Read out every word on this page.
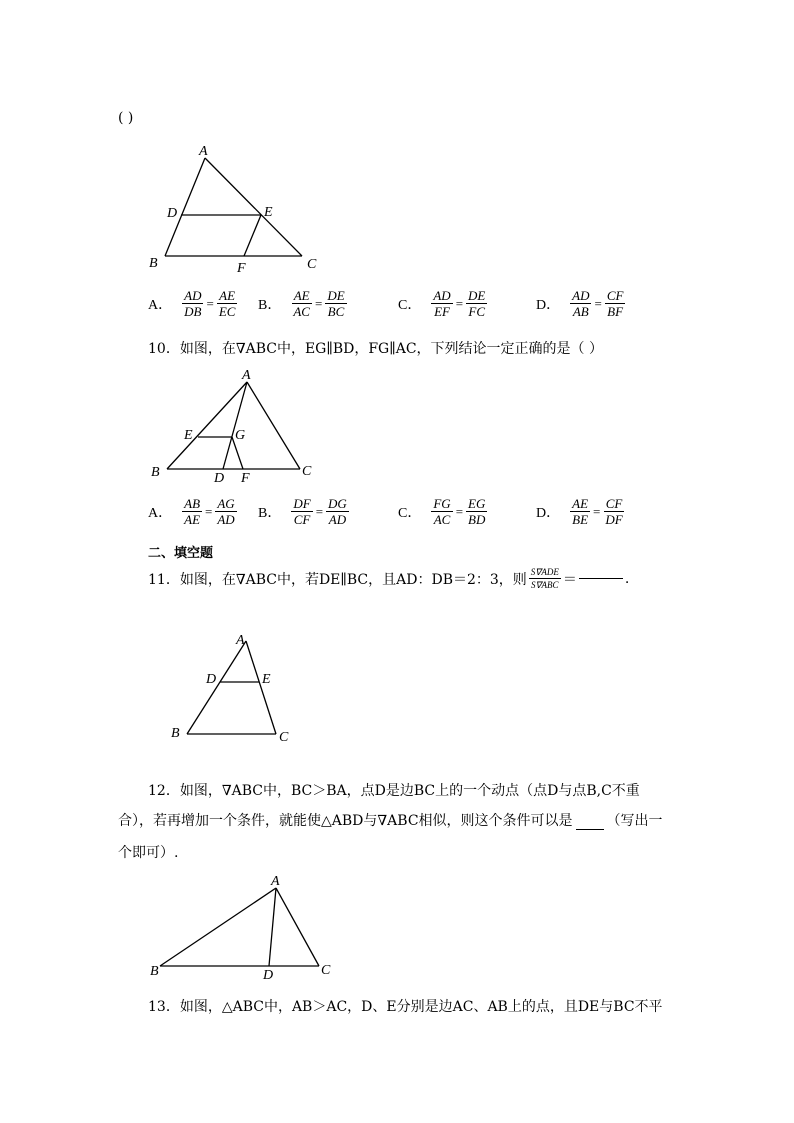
( )
A
D	E
B	F	C
A． $\frac{AD}{DB} = \frac{AE}{EC}$ B． $\frac{AE}{AC} = \frac{DE}{BC}$	C． $\frac{AD}{EF} = \frac{DE}{FC}$	D． $\frac{AD}{AB} = \frac{CF}{BF}$
10．如图，在∇ABC中，EG∥BD，FG∥AC，下列结论一定正确的是（ ）
A
E	G
B	D F	C
A． $\frac{AB}{AE} = \frac{AG}{AD}$ B． $\frac{DF}{CF} = \frac{DG}{AD}$	C． $\frac{FG}{AC} = \frac{EG}{BD}$	D． $\frac{AE}{BE} = \frac{CF}{DF}$
二、填空题
11．如图，在∇ABC中，若DE∥BC，且AD：DB＝2：3，则 $\frac{\text{S∇ADE}}{\text{S∇ABC}}$ ＝	.
A
D	E
B	C
12．如图，∇ABC中，BC＞BA，点D是边BC上的一个动点（点D与点B,C不重
合），若再增加一个条件，就能使△ABD与∇ABC相似，则这个条件可以是 （写出一
个即可）.
A
B	D	C
13．如图，△ABC中，AB＞AC，D、E分别是边AC、AB上的点，且DE与BC不平
